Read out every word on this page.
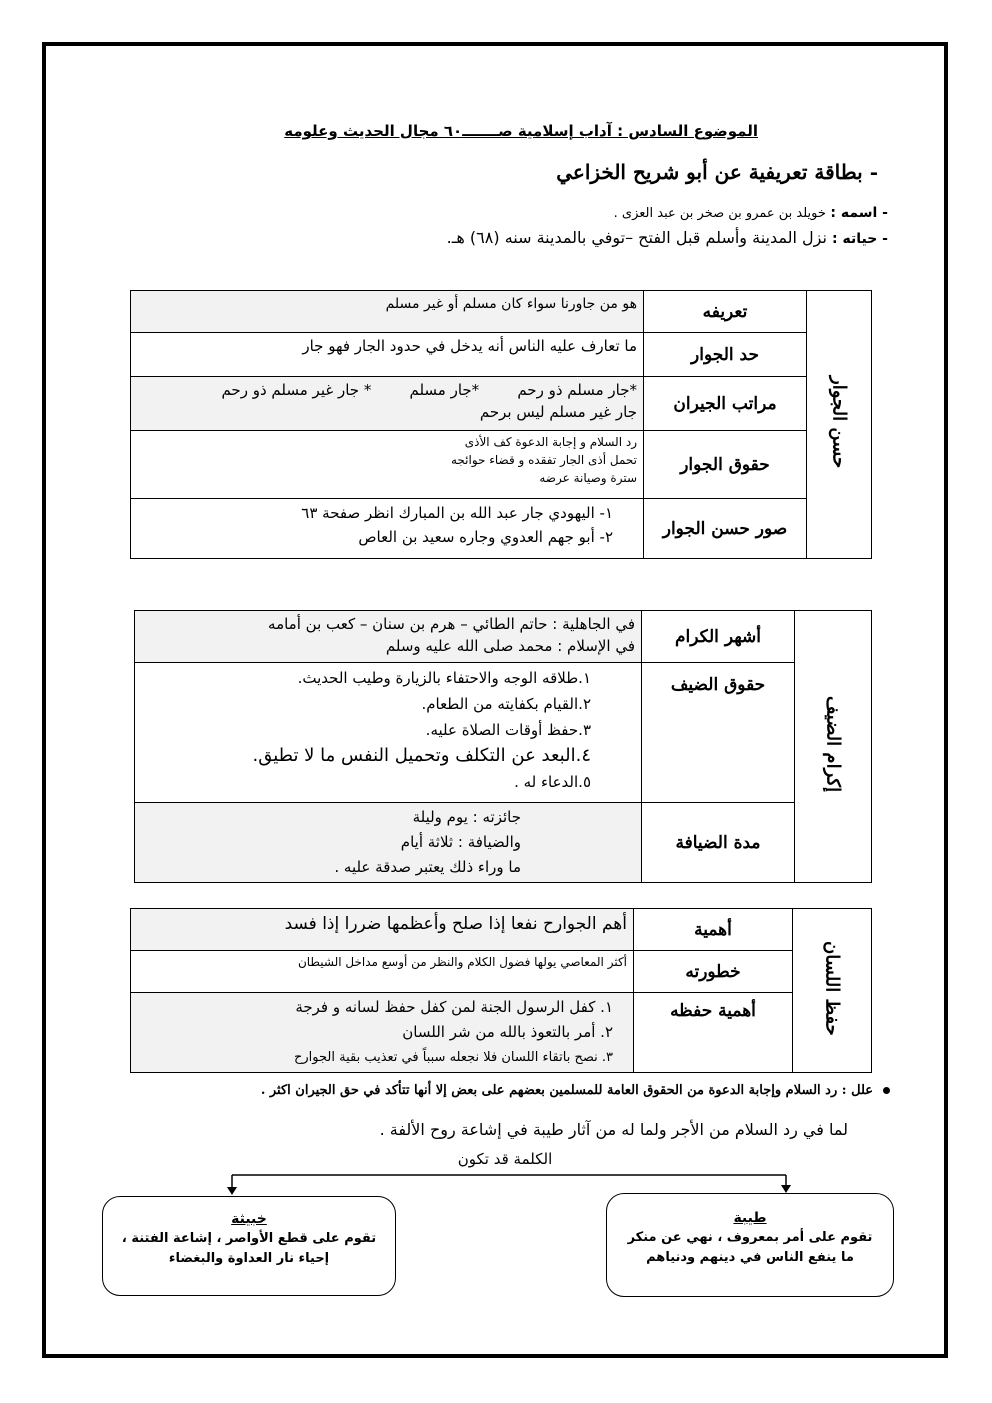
الموضوع السادس : آداب إسلامية صـــــــ٦٠ مجال الحديث وعلومه
- بطاقة تعريفية عن أبو شريح الخزاعي
- اسمه : خويلد بن عمرو بن صخر بن عبد العزى .
- حياته : نزل المدينة وأسلم قبل الفتح –توفي بالمدينة سنه (٦٨) هـ.
حسن الجوار	تعريفه	هو من جاورنا سواء كان مسلم أو غير مسلم

	حد الجوار	ما تعارف عليه الناس أنه يدخل في حدود الجار فهو جار

	مراتب الجيران	*جار مسلم ذو رحم        *جار مسلم        * جار غير مسلم ذو رحم
جار غير مسلم ليس برحم

	حقوق الجوار	رد السلام و إجابة الدعوة كف الأذى
تحمل أذى الجار تفقده و قضاء حوائجه
سترة وصيانة عرضه

	صور حسن الجوار	١- اليهودي جار عبد الله بن المبارك انظر صفحة ٦٣
٢- أبو جهم العدوي وجاره سعيد بن العاص
إكرام الضيف	أشهر الكرام	في الجاهلية : حاتم الطائي – هرم بن سنان – كعب بن أمامه
في الإسلام : محمد صلى الله عليه وسلم

	حقوق الضيف	١.طلاقه الوجه والاحتفاء بالزيارة وطيب الحديث.
٢.القيام بكفايته من الطعام.
٣.حفظ أوقات الصلاة عليه.
٤.البعد عن التكلف وتحميل النفس ما لا تطيق.
٥.الدعاء له .

	مدة الضيافة	جائزته : يوم وليلة
والضيافة : ثلاثة أيام
ما وراء ذلك يعتبر صدقة عليه .
حفظ اللسان	أهمية	أهم الجوارح نفعا إذا صلح وأعظمها ضررا إذا فسد

	خطورته	أكثر المعاصي يولها فضول الكلام والنظر من أوسع مداخل الشيطان

	أهمية حفظه	١. كفل الرسول الجنة لمن كفل حفظ لسانه و فرجة
٢. أمر بالتعوذ بالله من شر اللسان
٣. نصح باتقاء اللسان فلا نجعله سبباً في تعذيب بقية الجوارح
علل : رد السلام وإجابة الدعوة من الحقوق العامة للمسلمين بعضهم على بعض إلا أنها تتأكد في حق الجيران اكثر .
لما في رد السلام من الأجر ولما له من آثار طيبة في إشاعة روح الألفة .
الكلمة قد تكون
طيبة
تقوم على أمر بمعروف ، نهي عن منكر
ما ينفع الناس في دينهم ودنياهم
خبيثة
تقوم على قطع الأواصر ، إشاعة الفتنة ،
إحياء نار العداوة والبغضاء
